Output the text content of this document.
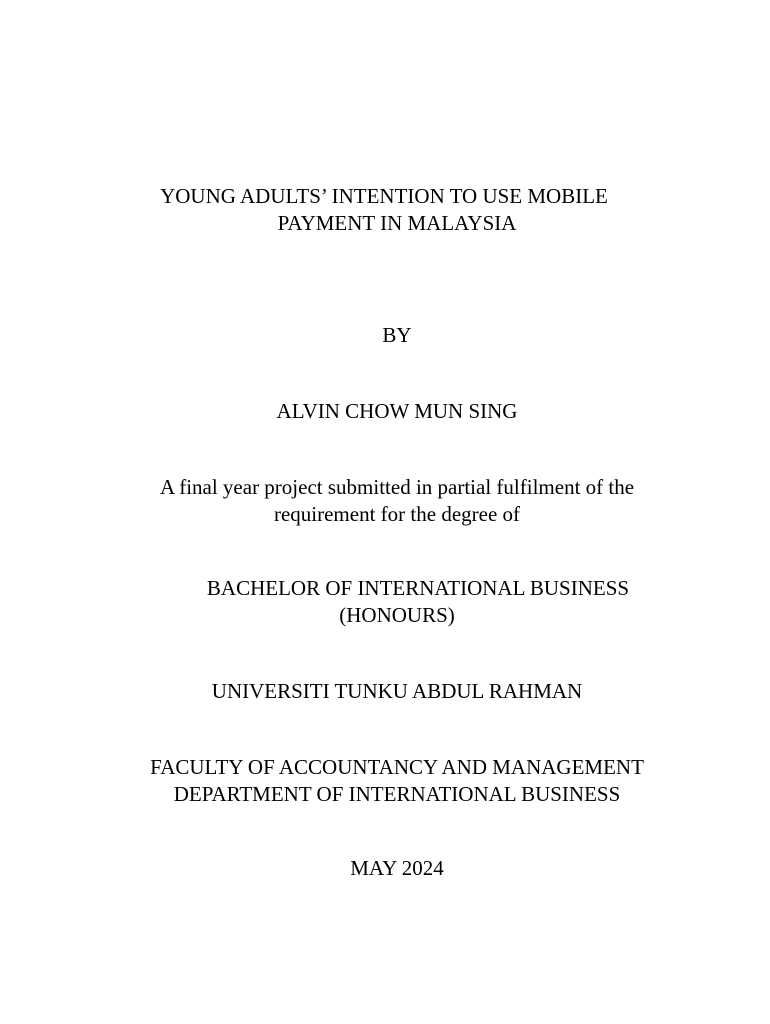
YOUNG ADULTS’ INTENTION TO USE MOBILE

PAYMENT IN MALAYSIA

BY

ALVIN CHOW MUN SING

A final year project submitted in partial fulfilment of the

requirement for the degree of

BACHELOR OF INTERNATIONAL BUSINESS

(HONOURS)

UNIVERSITI TUNKU ABDUL RAHMAN

FACULTY OF ACCOUNTANCY AND MANAGEMENT

DEPARTMENT OF INTERNATIONAL BUSINESS

MAY 2024
